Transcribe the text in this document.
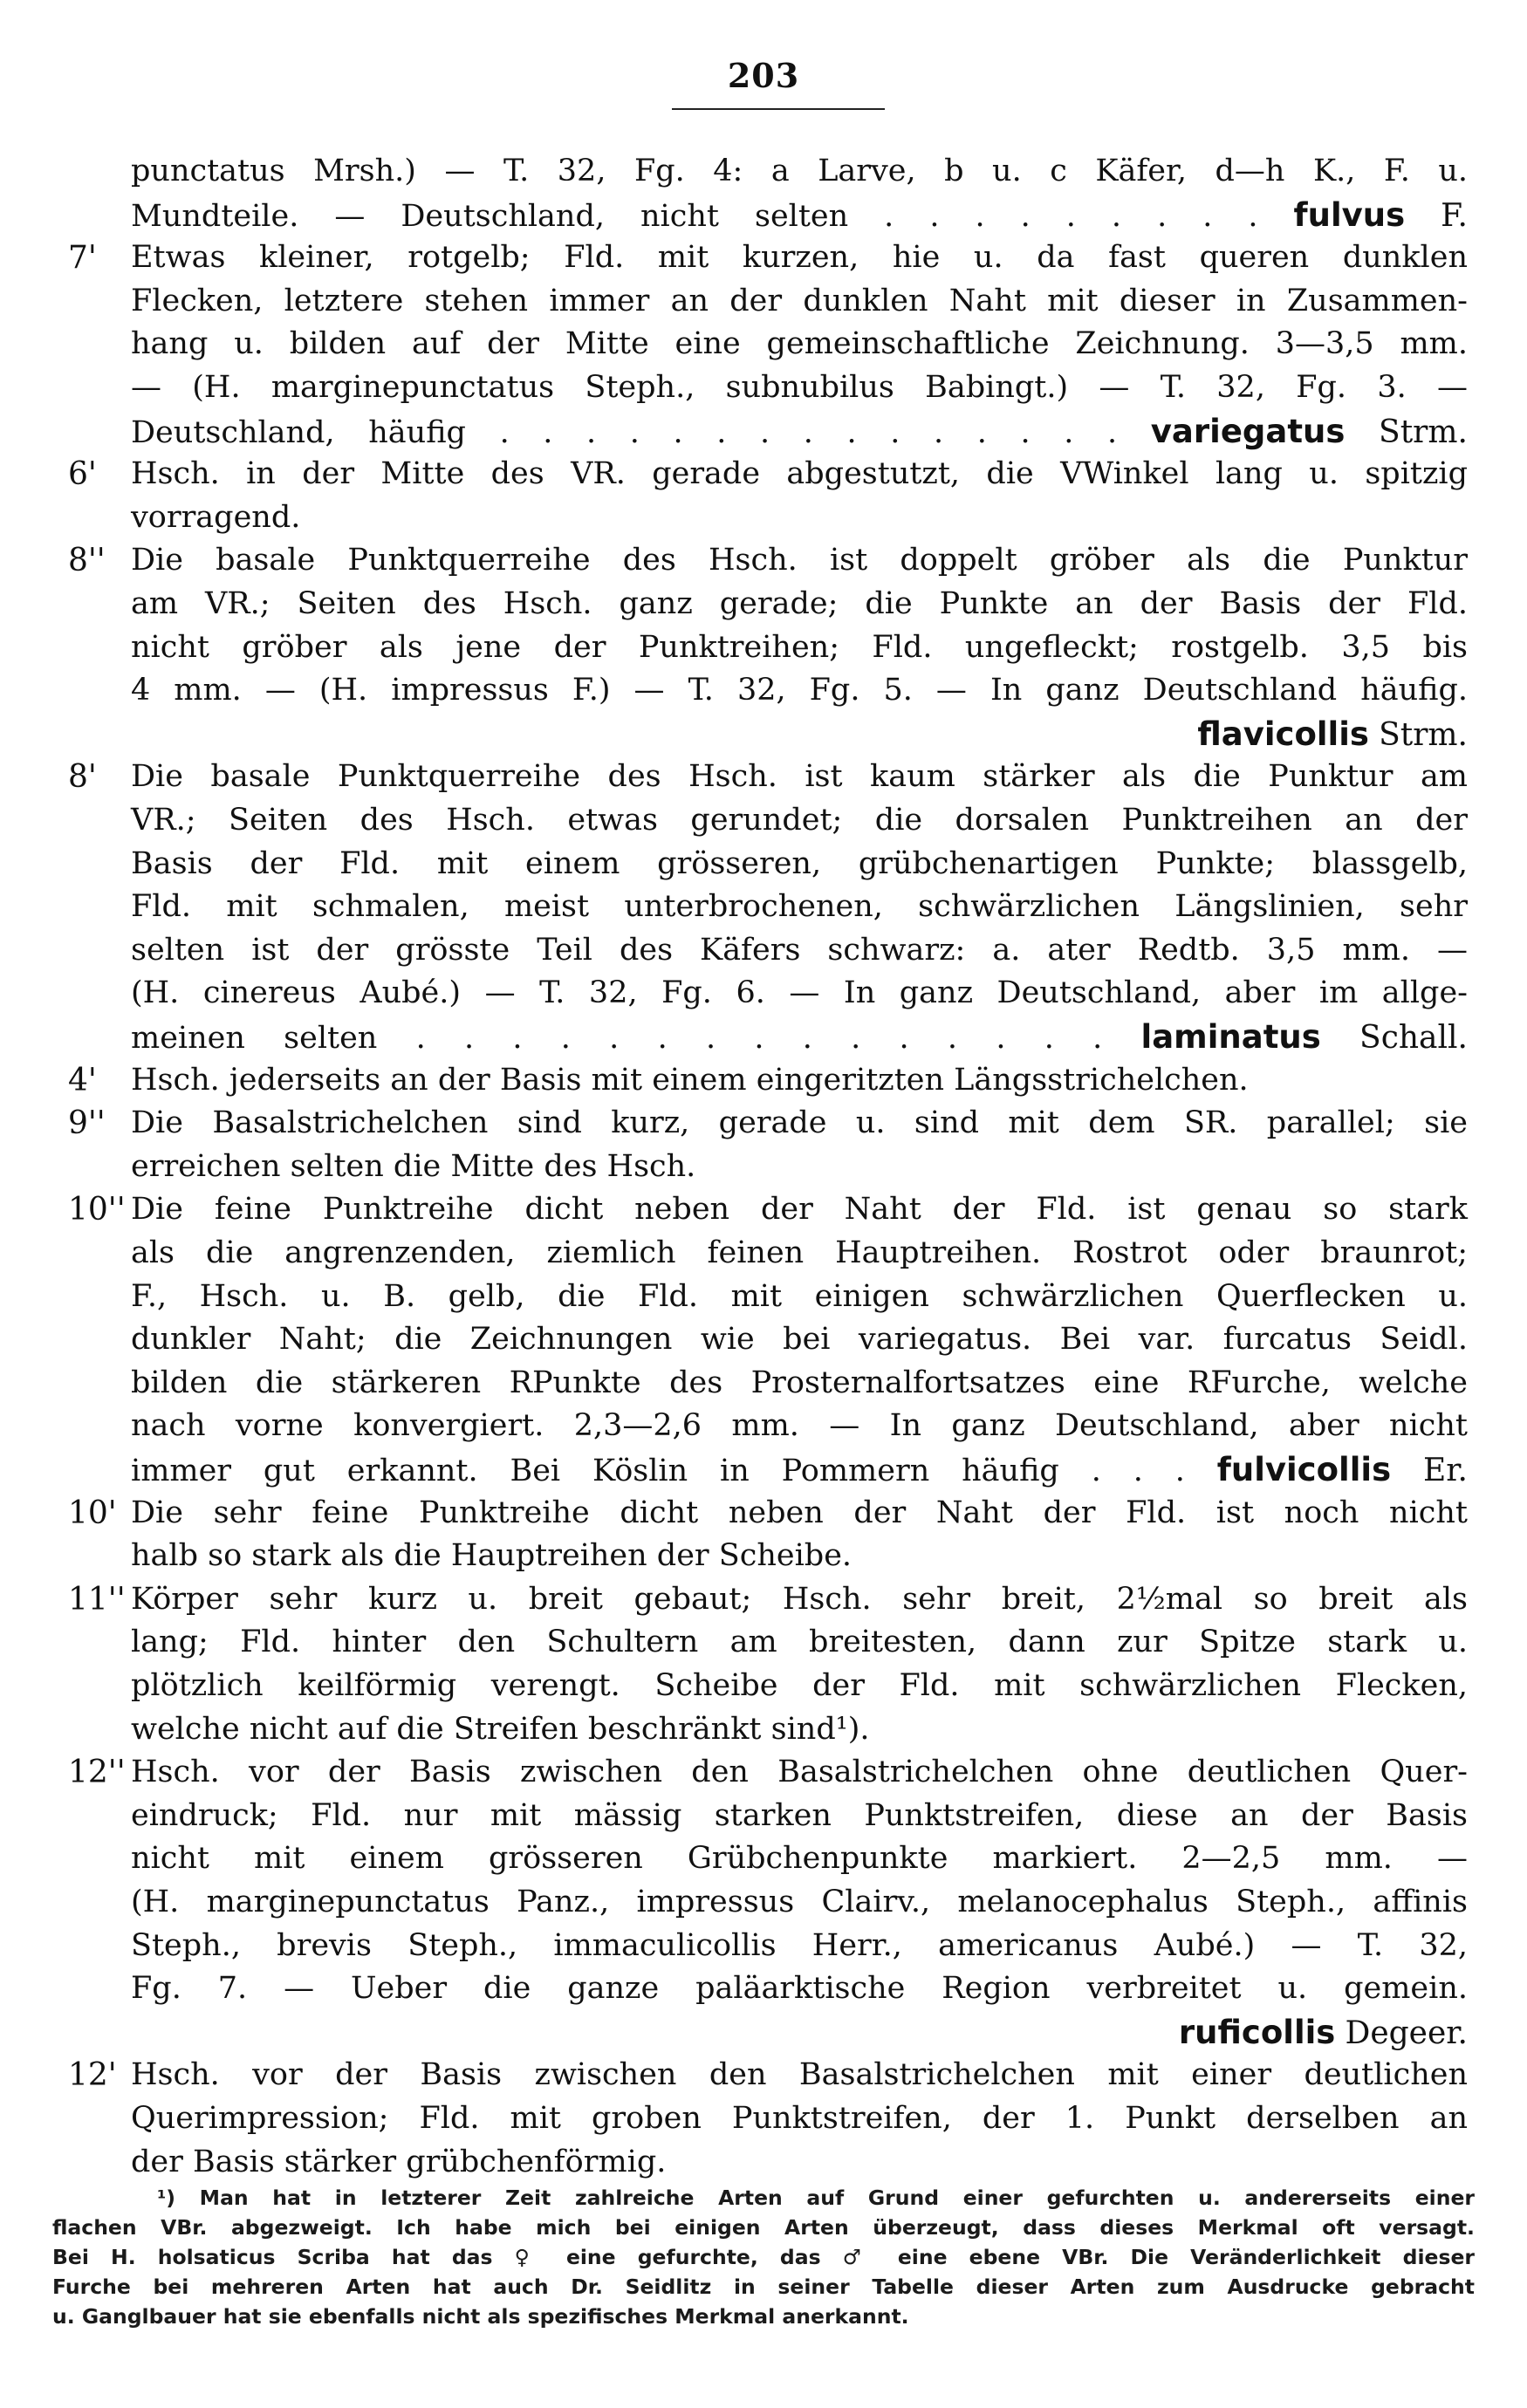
203
punctatus Mrsh.) — T. 32, Fg. 4: a Larve, b u. c Käfer, d—h K., F. u.
Mundteile. — Deutschland, nicht selten . . . . . . . . . fulvus F.
7'	Etwas kleiner, rotgelb; Fld. mit kurzen, hie u. da fast queren dunklen
Flecken, letztere stehen immer an der dunklen Naht mit dieser in Zusammen-
hang u. bilden auf der Mitte eine gemeinschaftliche Zeichnung. 3—3,5 mm.
— (H. marginepunctatus Steph., subnubilus Babingt.) — T. 32, Fg. 3. —
Deutschland, häufig . . . . . . . . . . . . . . . variegatus Strm.
6'	Hsch. in der Mitte des VR. gerade abgestutzt, die VWinkel lang u. spitzig
vorragend.
8'' Die basale Punktquerreihe des Hsch. ist doppelt gröber als die Punktur
am VR.; Seiten des Hsch. ganz gerade; die Punkte an der Basis der Fld.
nicht gröber als jene der Punktreihen; Fld. ungefleckt; rostgelb. 3,5 bis
4 mm. — (H. impressus F.) — T. 32, Fg. 5. — In ganz Deutschland häufig.
flavicollis Strm.
8'	Die basale Punktquerreihe des Hsch. ist kaum stärker als die Punktur am
VR.; Seiten des Hsch. etwas gerundet; die dorsalen Punktreihen an der
Basis der Fld. mit einem grösseren, grübchenartigen Punkte; blassgelb,
Fld. mit schmalen, meist unterbrochenen, schwärzlichen Längslinien, sehr
selten ist der grösste Teil des Käfers schwarz: a. ater Redtb. 3,5 mm. —
(H. cinereus Aubé.) — T. 32, Fg. 6. — In ganz Deutschland, aber im allge-
meinen selten . . . . . . . . . . . . . . . laminatus Schall.
4'	Hsch. jederseits an der Basis mit einem eingeritzten Längsstrichelchen.
9'' Die Basalstrichelchen sind kurz, gerade u. sind mit dem SR. parallel; sie
erreichen selten die Mitte des Hsch.
10'' Die feine Punktreihe dicht neben der Naht der Fld. ist genau so stark
als die angrenzenden, ziemlich feinen Hauptreihen. Rostrot oder braunrot;
F., Hsch. u. B. gelb, die Fld. mit einigen schwärzlichen Querflecken u.
dunkler Naht; die Zeichnungen wie bei variegatus. Bei var. furcatus Seidl.
bilden die stärkeren RPunkte des Prosternalfortsatzes eine RFurche, welche
nach vorne konvergiert. 2,3—2,6 mm. — In ganz Deutschland, aber nicht
immer gut erkannt. Bei Köslin in Pommern häufig . . . fulvicollis Er.
10' Die sehr feine Punktreihe dicht neben der Naht der Fld. ist noch nicht
halb so stark als die Hauptreihen der Scheibe.
11'' Körper sehr kurz u. breit gebaut; Hsch. sehr breit, 2½mal so breit als
lang; Fld. hinter den Schultern am breitesten, dann zur Spitze stark u.
plötzlich keilförmig verengt. Scheibe der Fld. mit schwärzlichen Flecken,
welche nicht auf die Streifen beschränkt sind¹).
12'' Hsch. vor der Basis zwischen den Basalstrichelchen ohne deutlichen Quer-
eindruck; Fld. nur mit mässig starken Punktstreifen, diese an der Basis
nicht mit einem grösseren Grübchenpunkte markiert. 2—2,5 mm. —
(H. marginepunctatus Panz., impressus Clairv., melanocephalus Steph., affinis
Steph., brevis Steph., immaculicollis Herr., americanus Aubé.) — T. 32,
Fg. 7. — Ueber die ganze paläarktische Region verbreitet u. gemein.
ruficollis Degeer.
12' Hsch. vor der Basis zwischen den Basalstrichelchen mit einer deutlichen
Querimpression; Fld. mit groben Punktstreifen, der 1. Punkt derselben an
der Basis stärker grübchenförmig.
¹) Man hat in letzterer Zeit zahlreiche Arten auf Grund einer gefurchten u. andererseits einer
flachen VBr. abgezweigt. Ich habe mich bei einigen Arten überzeugt, dass dieses Merkmal oft versagt.
Bei H. holsaticus Scriba hat das ♀ eine gefurchte, das ♂ eine ebene VBr. Die Veränderlichkeit dieser
Furche bei mehreren Arten hat auch Dr. Seidlitz in seiner Tabelle dieser Arten zum Ausdrucke gebracht
u. Ganglbauer hat sie ebenfalls nicht als spezifisches Merkmal anerkannt.
